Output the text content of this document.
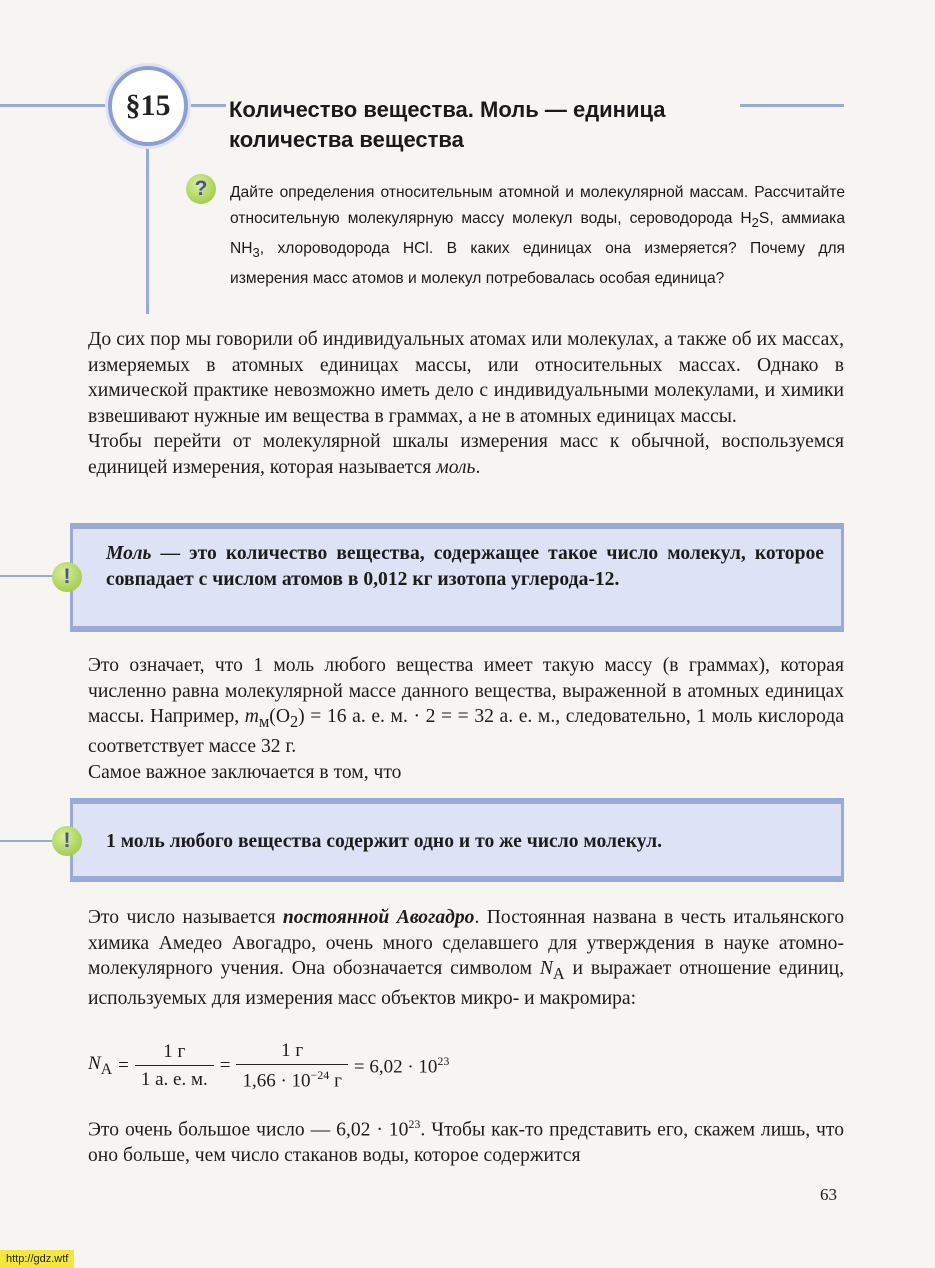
§15	Количество вещества. Моль — единица количества вещества
?	Дайте определения относительным атомной и молекулярной массам. Рассчитайте относительную молекулярную массу молекул воды, сероводорода $H_2S$, аммиака $NH_3$, хлороводорода HCl. В каких единицах она измеряется? Почему для измерения масс атомов и молекул потребовалась особая единица?

До сих пор мы говорили об индивидуальных атомах или молекулах, а также об их массах, измеряемых в атомных единицах массы, или относительных массах. Однако в химической практике невозможно иметь дело с индивидуальными молекулами, и химики взвешивают нужные им вещества в граммах, а не в атомных единицах массы.

Чтобы перейти от молекулярной шкалы измерения масс к обычной, воспользуемся единицей измерения, которая называется моль.

!
Моль — это количество вещества, содержащее такое число молекул, которое совпадает с числом атомов в 0,012 кг изотопа углерода-12.

Это означает, что 1 моль любого вещества имеет такую массу (в граммах), которая численно равна молекулярной массе данного вещества, выраженной в атомных единицах массы. Например, $m_м(O_2) = 16$ а. е. м. · 2 = = 32 а. е. м., следовательно, 1 моль кислорода соответствует массе 32 г.

Самое важное заключается в том, что

!	1 моль любого вещества содержит одно и то же число молекул.

Это число называется постоянной Авогадро. Постоянная названа в честь итальянского химика Амедео Авогадро, очень много сделавшего для утверждения в науке атомно-молекулярного учения. Она обозначается символом $N_A$ и выражает отношение единиц, используемых для измерения масс объектов микро- и макромира:

$N_A = \frac{1 г}{1 а. е. м.} = \frac{1 г}{1,66 \cdot 10^{-24} г} = 6,02 \cdot 10^{23}$

Это очень большое число — $6,02 \cdot 10^{23}$. Чтобы как-то представить его, скажем лишь, что оно больше, чем число стаканов воды, которое содержится

63
http://gdz.wtf
